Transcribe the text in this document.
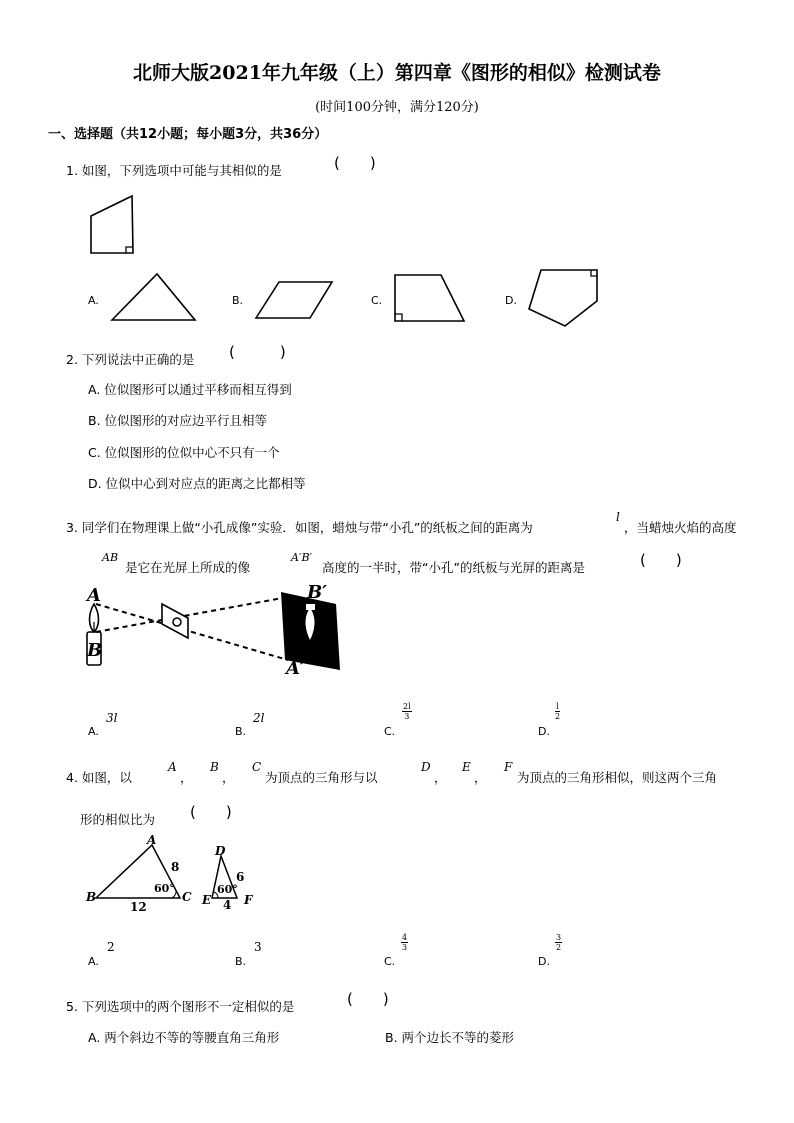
北师大版2021年九年级（上）第四章《图形的相似》检测试卷
(时间100分钟，满分120分)
一、选择题（共12小题；每小题3分，共36分）
1. 如图，下列选项中可能与其相似的是	(　　)
A.	B.	C.	D.
2. 下列说法中正确的是 (　　　)
A. 位似图形可以通过平移而相互得到
B. 位似图形的对应边平行且相等
C. 位似图形的位似中心不只有一个
D. 位似中心到对应点的距离之比都相等
3. 同学们在物理课上做“小孔成像”实验．如图，蜡烛与带“小孔”的纸板之间的距离为
l
，当蜡烛火焰的高度
AB
是它在光屏上所成的像
A′B′
高度的一半时，带“小孔”的纸板与光屏的距离是	(　　)
A
B
B′
A′
A.
3l
B.
2l
C.
$\frac{2l}{3}$
D.
$\frac{l}{2}$
4. 如图，以
A
，
B
，
C
为顶点的三角形与以
D
，
E
，
F
为顶点的三角形相似，则这两个三角
形的相似比为 (　　)
A
B	C
8
12
60°
D
E	F
6
4
60°
A.
2
B.
3
C.
$\frac{4}{3}$
D.
$\frac{3}{2}$
5. 下列选项中的两个图形不一定相似的是	(　　)
A. 两个斜边不等的等腰直角三角形	B. 两个边长不等的菱形
